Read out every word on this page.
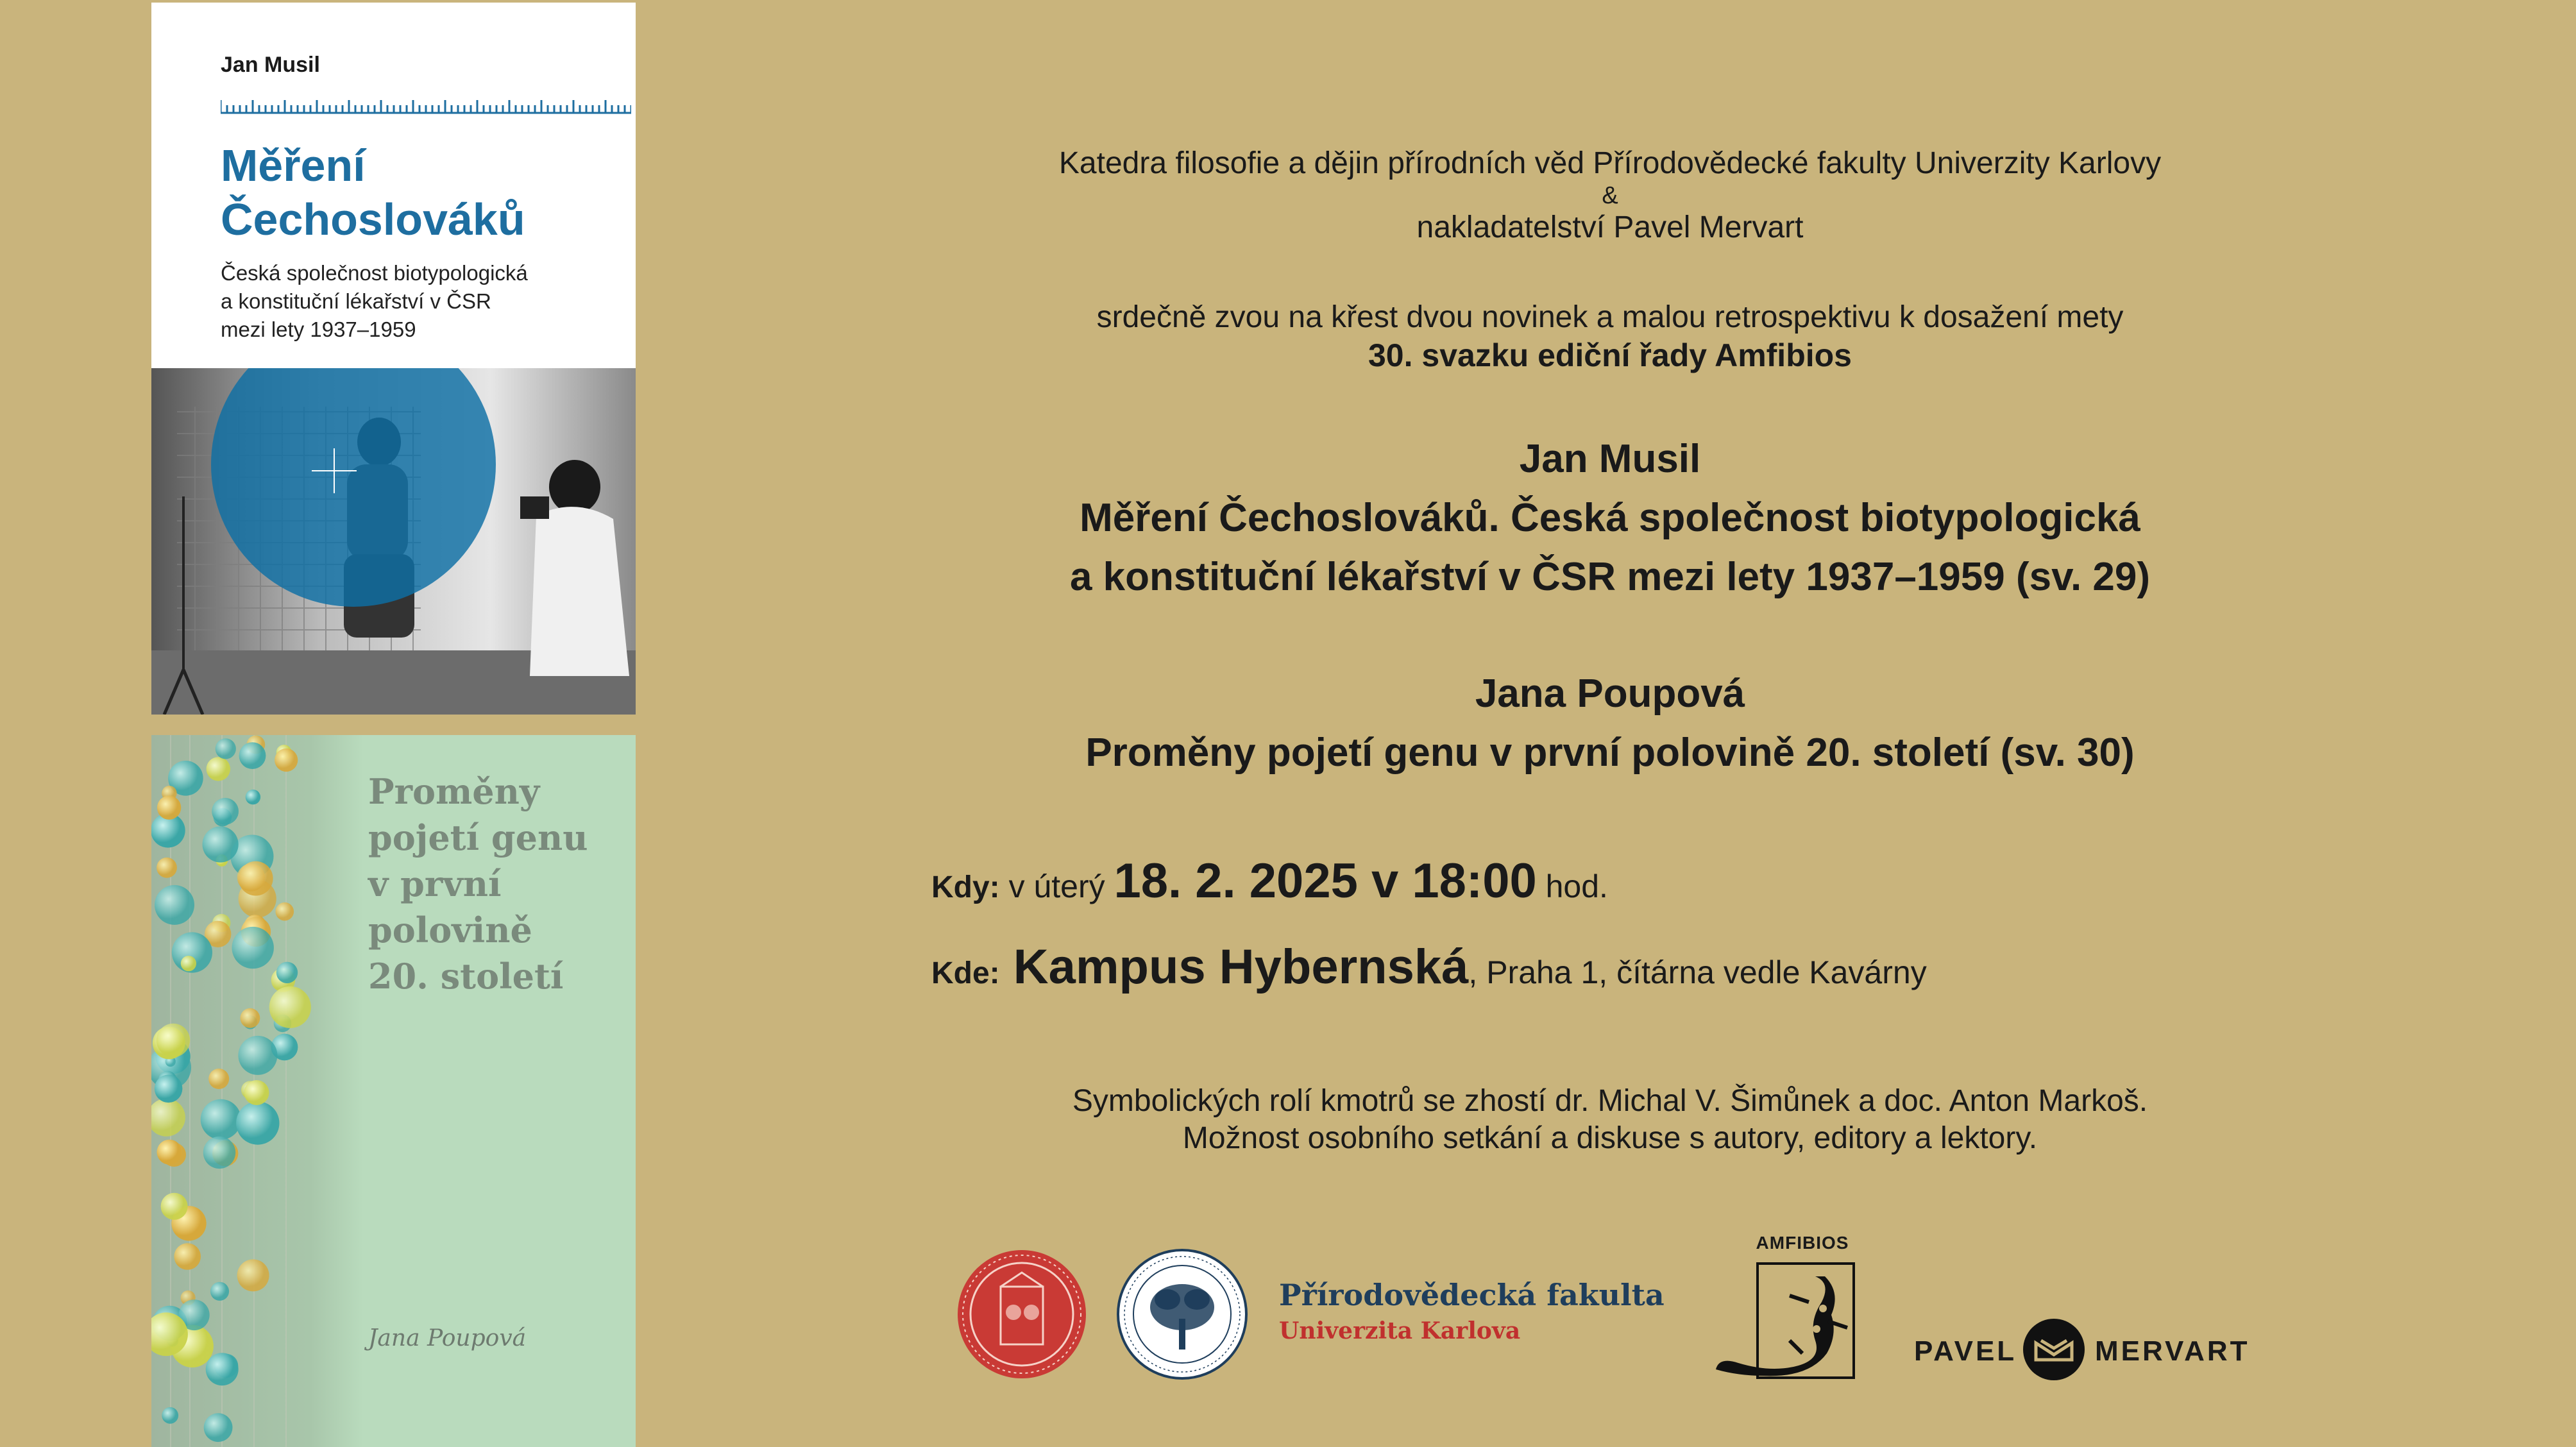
Jan Musil
Měření
Čechoslováků
Česká společnost biotypologická
a konstituční lékařství v ČSR
mezi lety 1937–1959
Proměny
pojetí genu
v první
polovině
20. století
Jana Poupová
Katedra filosofie a dějin přírodních věd Přírodovědecké fakulty Univerzity Karlovy
&
nakladatelství Pavel Mervart
srdečně zvou na křest dvou novinek a malou retrospektivu k dosažení mety
30. svazku ediční řady Amfibios
Jan Musil
Měření Čechoslováků. Česká společnost biotypologická
a konstituční lékařství v ČSR mezi lety 1937–1959 (sv. 29)
Jana Poupová
Proměny pojetí genu v první polovině 20. století (sv. 30)
Kdy: v úterý 18. 2. 2025 v 18:00 hod.
Kde: Kampus Hybernská, Praha 1, čítárna vedle Kavárny
Symbolických rolí kmotrů se zhostí dr. Michal V. Šimůnek a doc. Anton Markoš.
Možnost osobního setkání a diskuse s autory, editory a lektory.
Přírodovědecká fakulta
Univerzita Karlova
AMFIBIOS
PAVEL	MERVART
